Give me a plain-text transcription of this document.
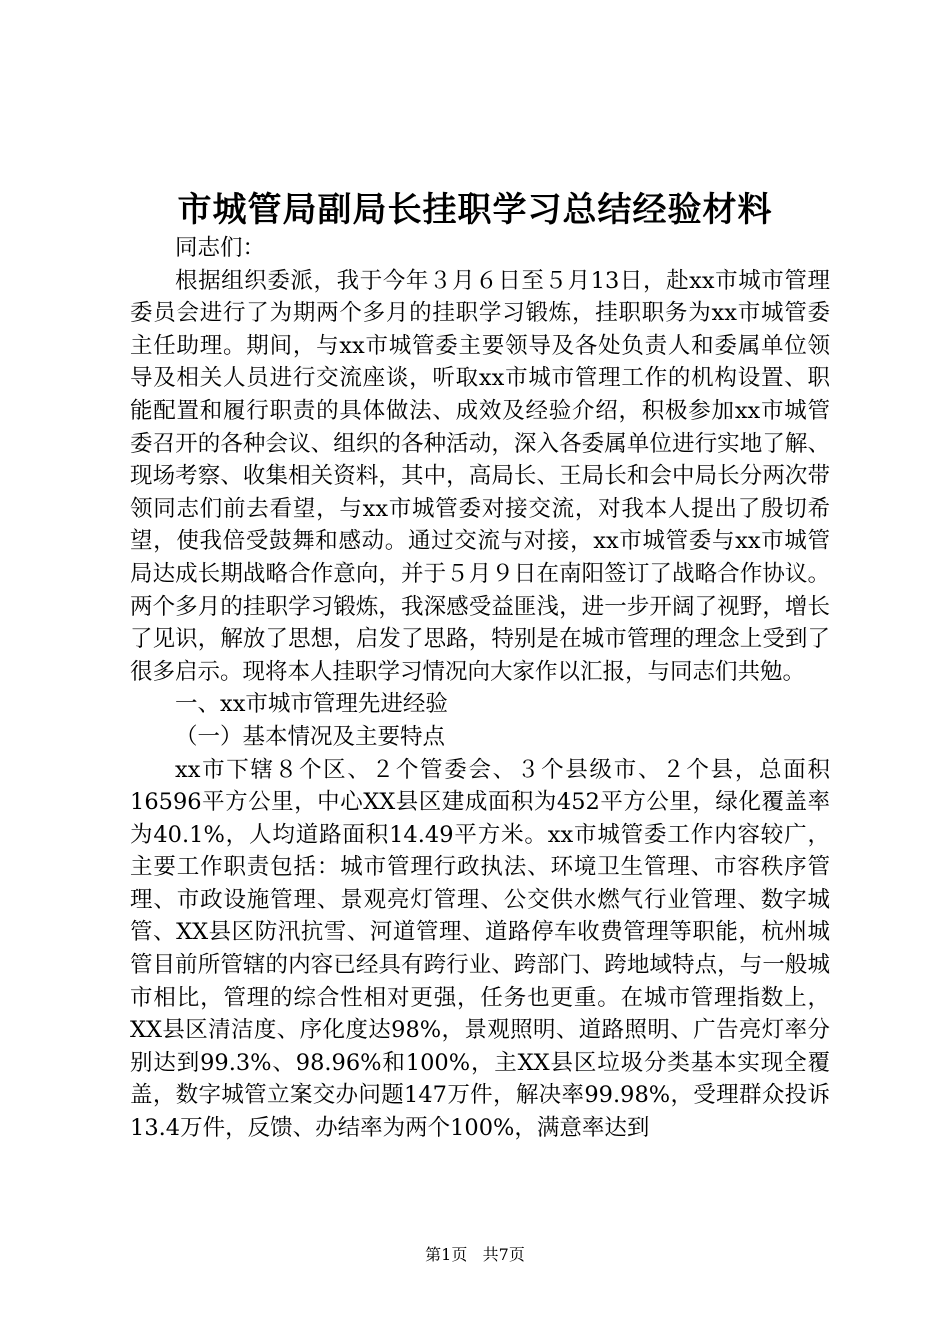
市城管局副局长挂职学习总结经验材料

同志们：

根据组织委派，我于今年３月６日至５月13日，赴xx市城市管理委员会进行了为期两个多月的挂职学习锻炼，挂职职务为xx市城管委主任助理。期间，与xx市城管委主要领导及各处负责人和委属单位领导及相关人员进行交流座谈，听取xx市城市管理工作的机构设置、职能配置和履行职责的具体做法、成效及经验介绍，积极参加xx市城管委召开的各种会议、组织的各种活动，深入各委属单位进行实地了解、现场考察、收集相关资料，其中，高局长、王局长和会中局长分两次带领同志们前去看望，与xx市城管委对接交流，对我本人提出了殷切希望，使我倍受鼓舞和感动。通过交流与对接，xx市城管委与xx市城管局达成长期战略合作意向，并于５月９日在南阳签订了战略合作协议。两个多月的挂职学习锻炼，我深感受益匪浅，进一步开阔了视野，增长了见识，解放了思想，启发了思路，特别是在城市管理的理念上受到了很多启示。现将本人挂职学习情况向大家作以汇报，与同志们共勉。

一、xx市城市管理先进经验

（一）基本情况及主要特点

xx市下辖８个区、２个管委会、３个县级市、２个县，总面积16596平方公里，中心XX县区建成面积为452平方公里，绿化覆盖率为40.1%，人均道路面积14.49平方米。xx市城管委工作内容较广，主要工作职责包括：城市管理行政执法、环境卫生管理、市容秩序管理、市政设施管理、景观亮灯管理、公交供水燃气行业管理、数字城管、XX县区防汛抗雪、河道管理、道路停车收费管理等职能，杭州城管目前所管辖的内容已经具有跨行业、跨部门、跨地域特点，与一般城市相比，管理的综合性相对更强，任务也更重。在城市管理指数上，XX县区清洁度、序化度达98%，景观照明、道路照明、广告亮灯率分别达到99.3%、98.96%和100%，主XX县区垃圾分类基本实现全覆盖，数字城管立案交办问题147万件，解决率99.98%，受理群众投诉13.4万件，反馈、办结率为两个100%，满意率达到

第1页 共7页
